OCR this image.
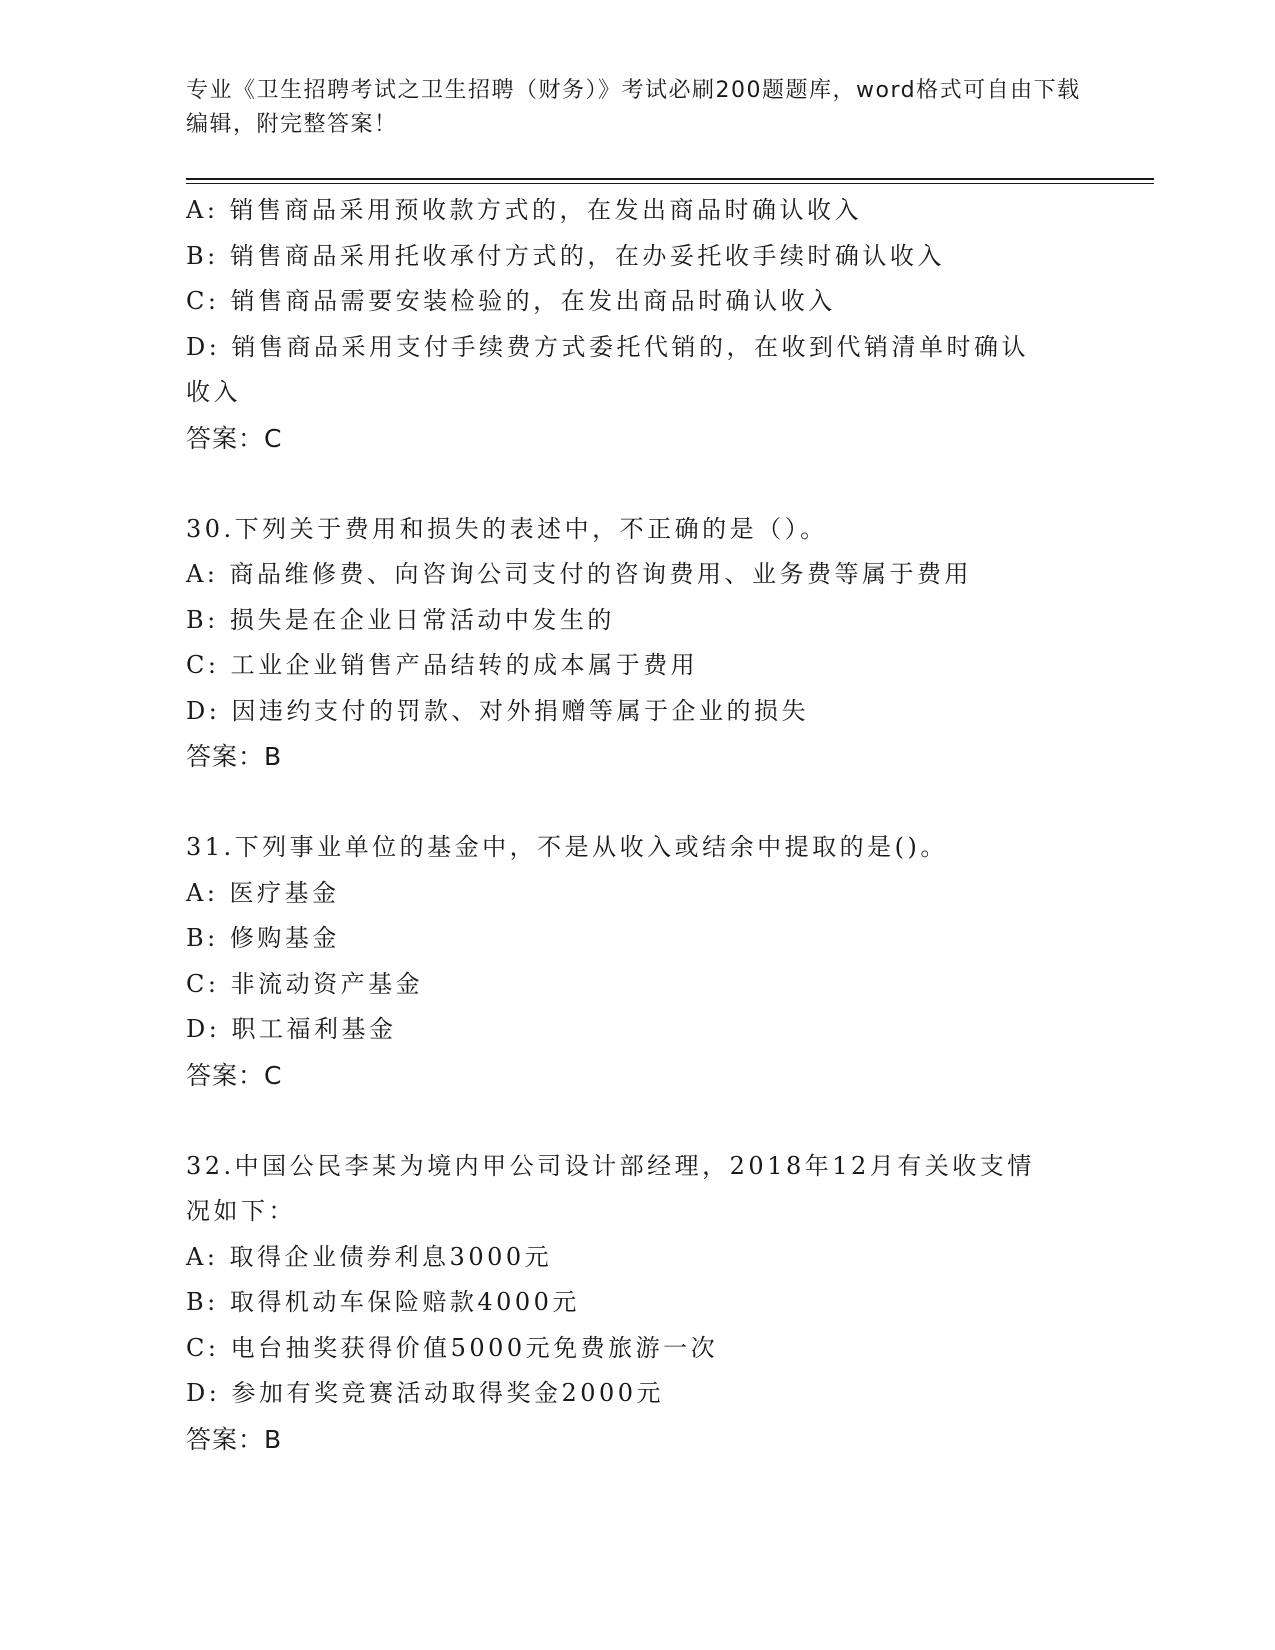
专业《卫生招聘考试之卫生招聘（财务）》考试必刷200题题库，word格式可自由下载编辑，附完整答案！
A: 销售商品采用预收款方式的，在发出商品时确认收入
B: 销售商品采用托收承付方式的，在办妥托收手续时确认收入
C: 销售商品需要安装检验的，在发出商品时确认收入
D: 销售商品采用支付手续费方式委托代销的，在收到代销清单时确认收入
答案：C
30.下列关于费用和损失的表述中，不正确的是（）。
A: 商品维修费、向咨询公司支付的咨询费用、业务费等属于费用
B: 损失是在企业日常活动中发生的
C: 工业企业销售产品结转的成本属于费用
D: 因违约支付的罚款、对外捐赠等属于企业的损失
答案：B
31.下列事业单位的基金中，不是从收入或结余中提取的是()。
A: 医疗基金
B: 修购基金
C: 非流动资产基金
D: 职工福利基金
答案：C
32.中国公民李某为境内甲公司设计部经理，2018年12月有关收支情况如下：
A: 取得企业债券利息3000元
B: 取得机动车保险赔款4000元
C: 电台抽奖获得价值5000元免费旅游一次
D: 参加有奖竞赛活动取得奖金2000元
答案：B
